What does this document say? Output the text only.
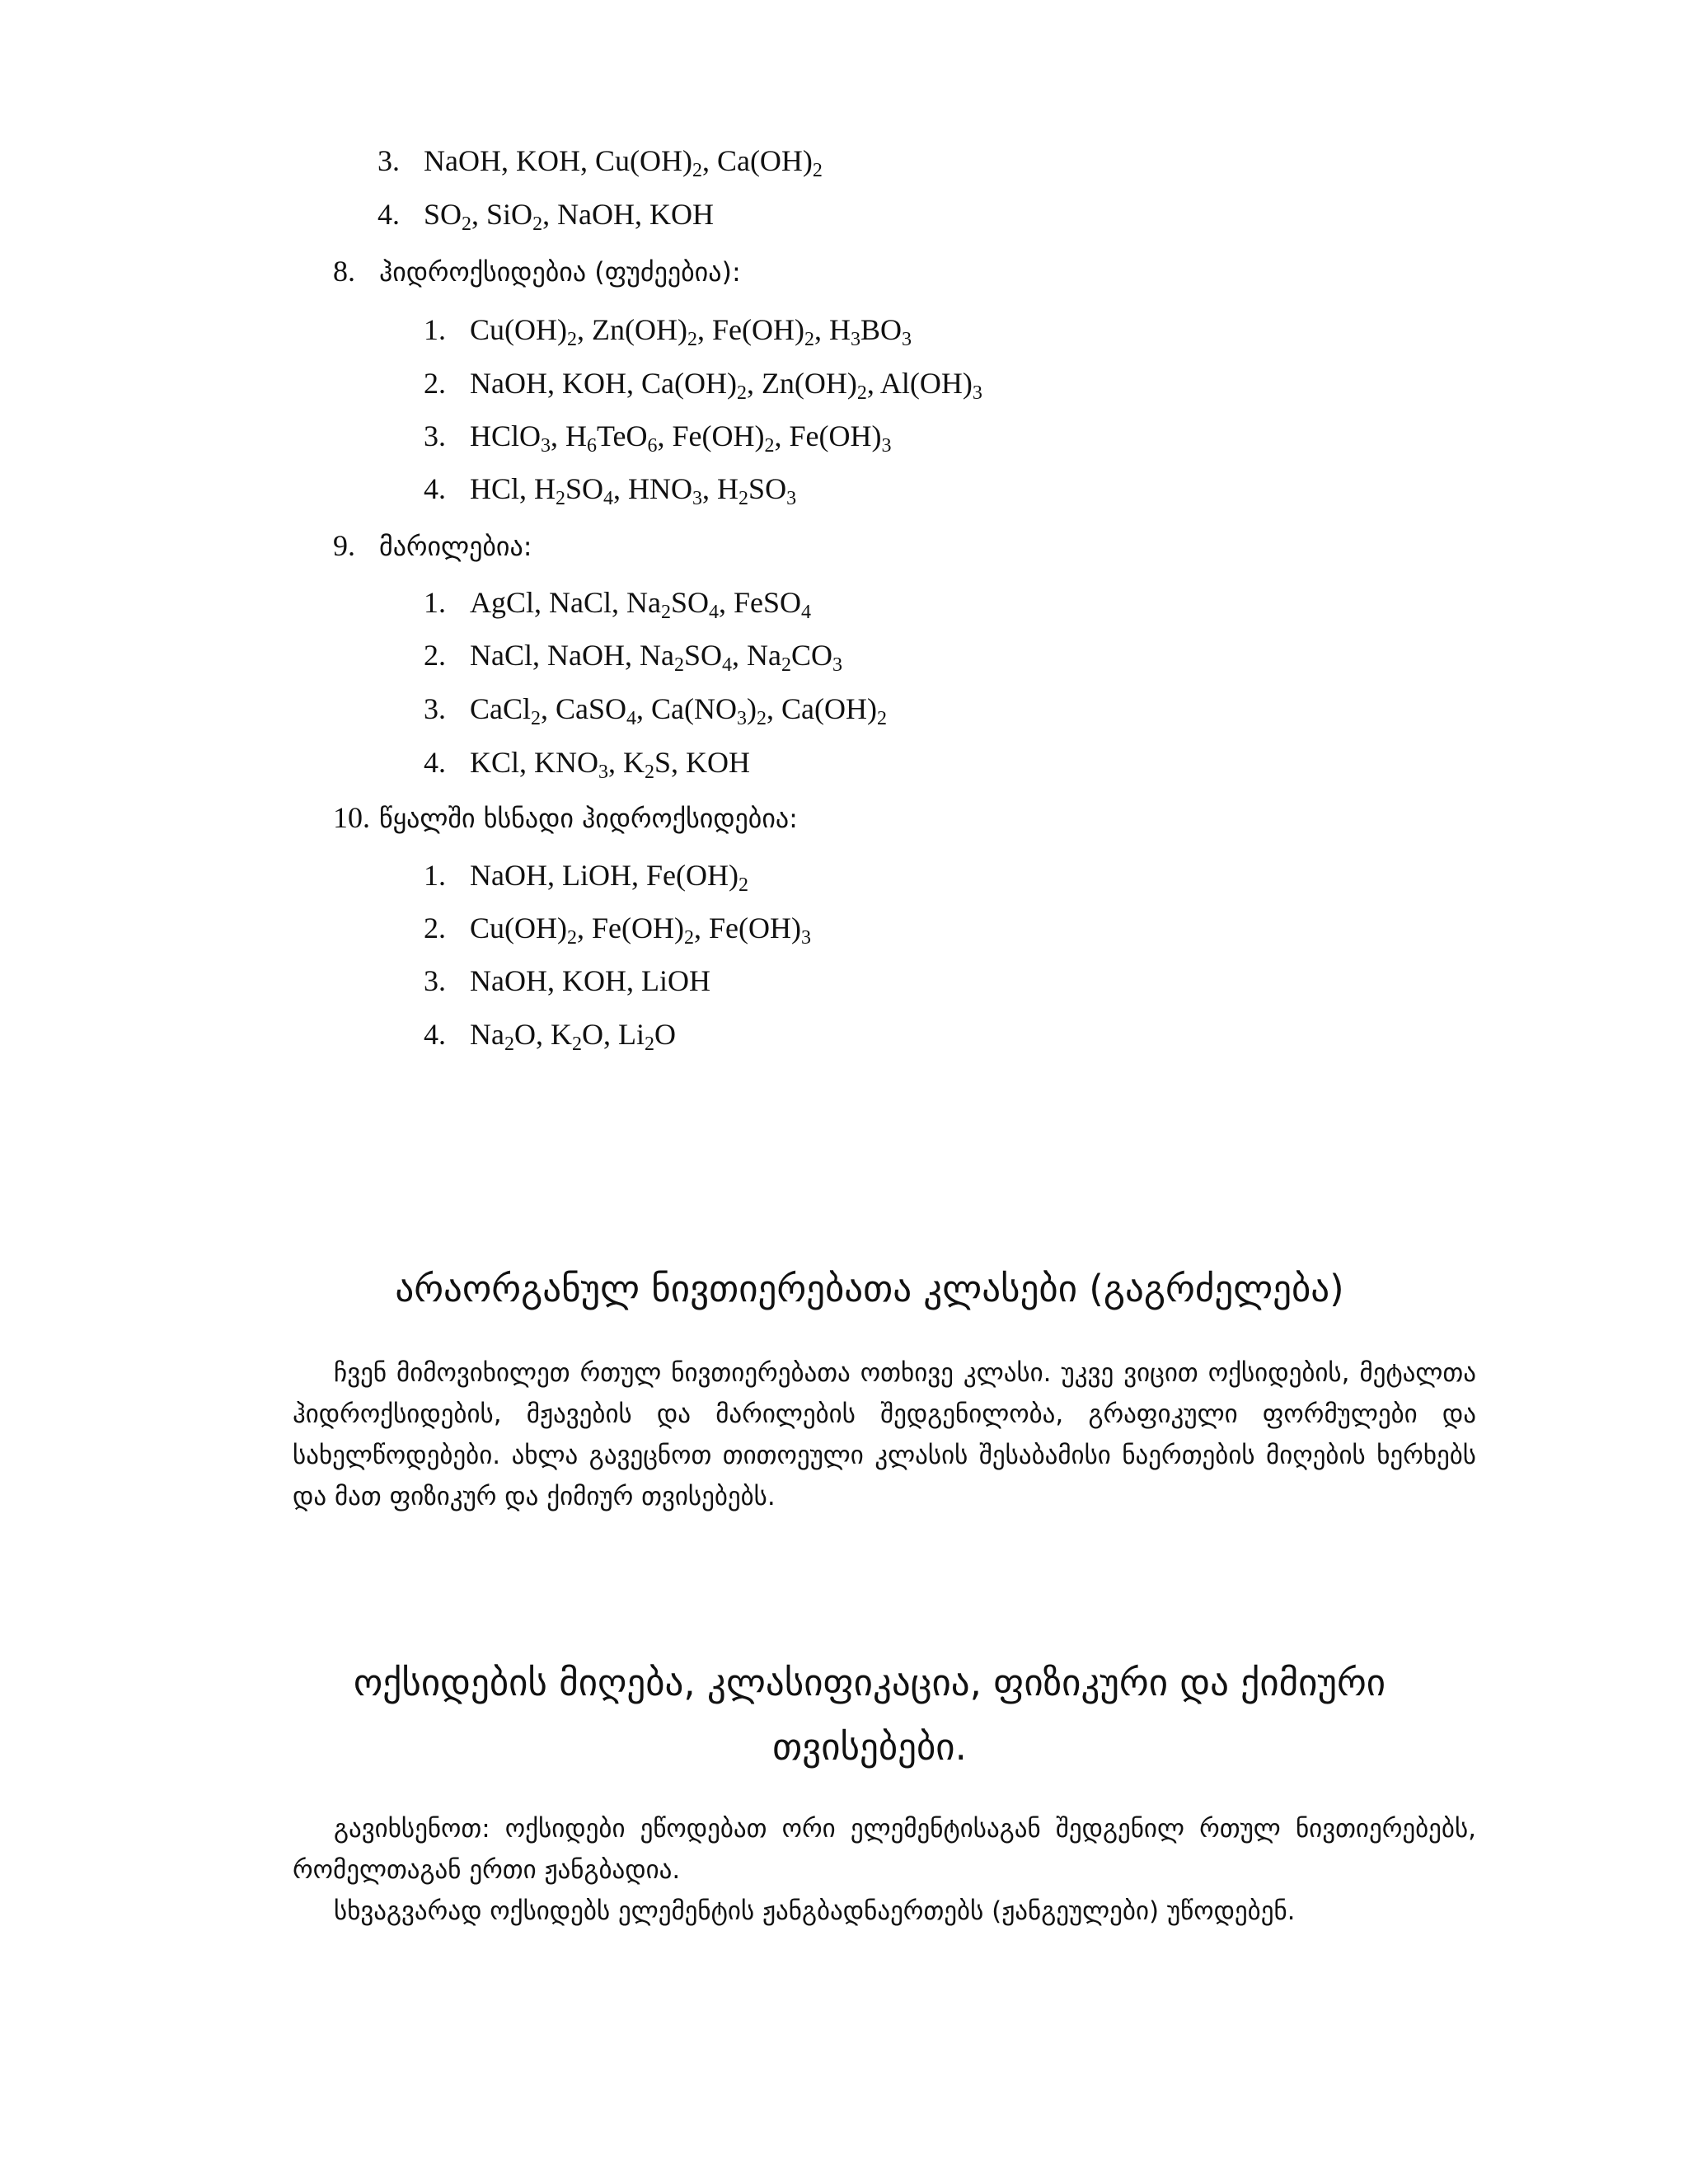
3. NaOH, KOH, $Cu(OH)_2$, $Ca(OH)_2$
4. $SO_2$, SiO$_2$, NaOH, KOH
8. ჰიდროქსიდებია (ფუძეებია):
1. $Cu(OH)_2$, $Zn(OH)_2$, $Fe(OH)_2$, $H_3BO_3$
2. NaOH, KOH, $Ca(OH)_2$, $Zn(OH)_2$, $Al(OH)_3$
3. HClO$_3$, $H_6TeO_6$, $Fe(OH)_2$, $Fe(OH)_3$
4. HCl, $H_2SO_4$, $HNO_3$, $H_2SO_3$
9. მარილებია:
1. AgCl, NaCl, $Na_2SO_4$, FeSO$_4$
2. NaCl, NaOH, $Na_2SO_4$, $Na_2CO_3$
3. CaCl$_2$, CaSO$_4$, $Ca(NO_3)_2$, $Ca(OH)_2$
4. KCl, $KNO_3$, $K_2S$, KOH
10. წყალში ხსნადი ჰიდროქსიდებია:
1. NaOH, LiOH, $Fe(OH)_2$
2. $Cu(OH)_2$, $Fe(OH)_2$, $Fe(OH)_3$
3. NaOH, KOH, LiOH
4. $Na_2O$, $K_2O$, $Li_2O$
არაორგანულ ნივთიერებათა კლასები (გაგრძელება)

ჩვენ მიმოვიხილეთ რთულ ნივთიერებათა ოთხივე კლასი. უკვე ვიცით ოქსიდების, მეტალთა ჰიდროქსიდების, მჟავების და მარილების შედგენილობა, გრაფიკული ფორმულები და სახელწოდებები. ახლა გავეცნოთ თითოეული კლასის შესაბამისი ნაერთების მიღების ხერხებს და მათ ფიზიკურ და ქიმიურ თვისებებს.

ოქსიდების მიღება, კლასიფიკაცია, ფიზიკური და ქიმიური
თვისებები.

გავიხსენოთ: ოქსიდები ეწოდებათ ორი ელემენტისაგან შედგენილ რთულ ნივთიერებებს, რომელთაგან ერთი ჟანგბადია.

სხვაგვარად ოქსიდებს ელემენტის ჟანგბადნაერთებს (ჟანგეულები) უწოდებენ.
